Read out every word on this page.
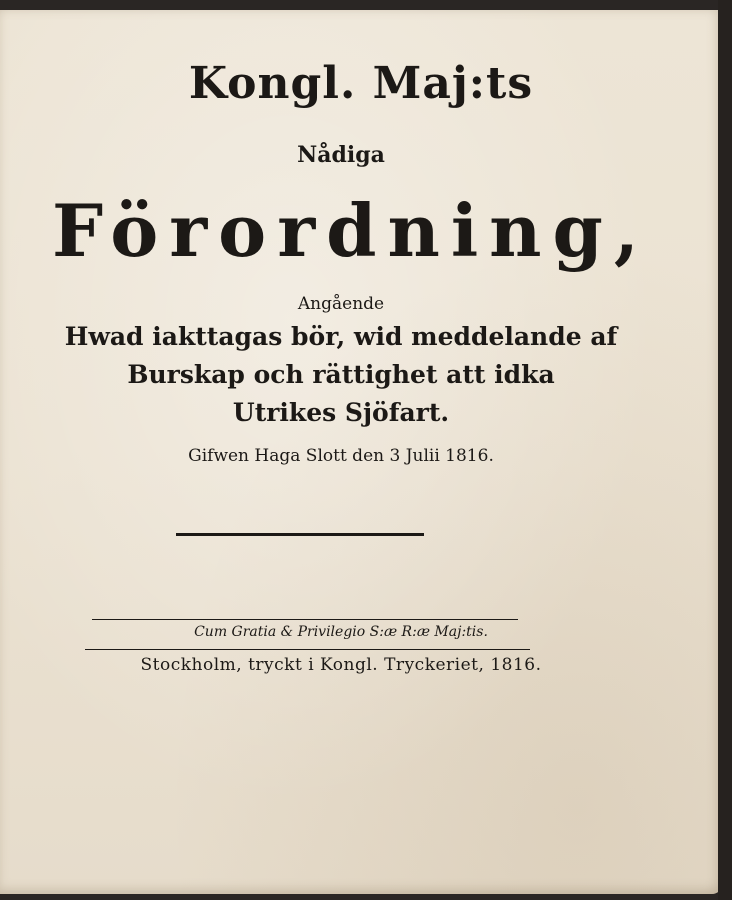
Kongl. Maj:ts
Nådiga
Förordning,
Angående
Hwad iakttagas bör, wid meddelande af
Burskap och rättighet att idka
Utrikes Sjöfart.
Gifwen Haga Slott den 3 Julii 1816.
Cum Gratia & Privilegio S:æ R:æ Maj:tis.
Stockholm, tryckt i Kongl. Tryckeriet, 1816.
